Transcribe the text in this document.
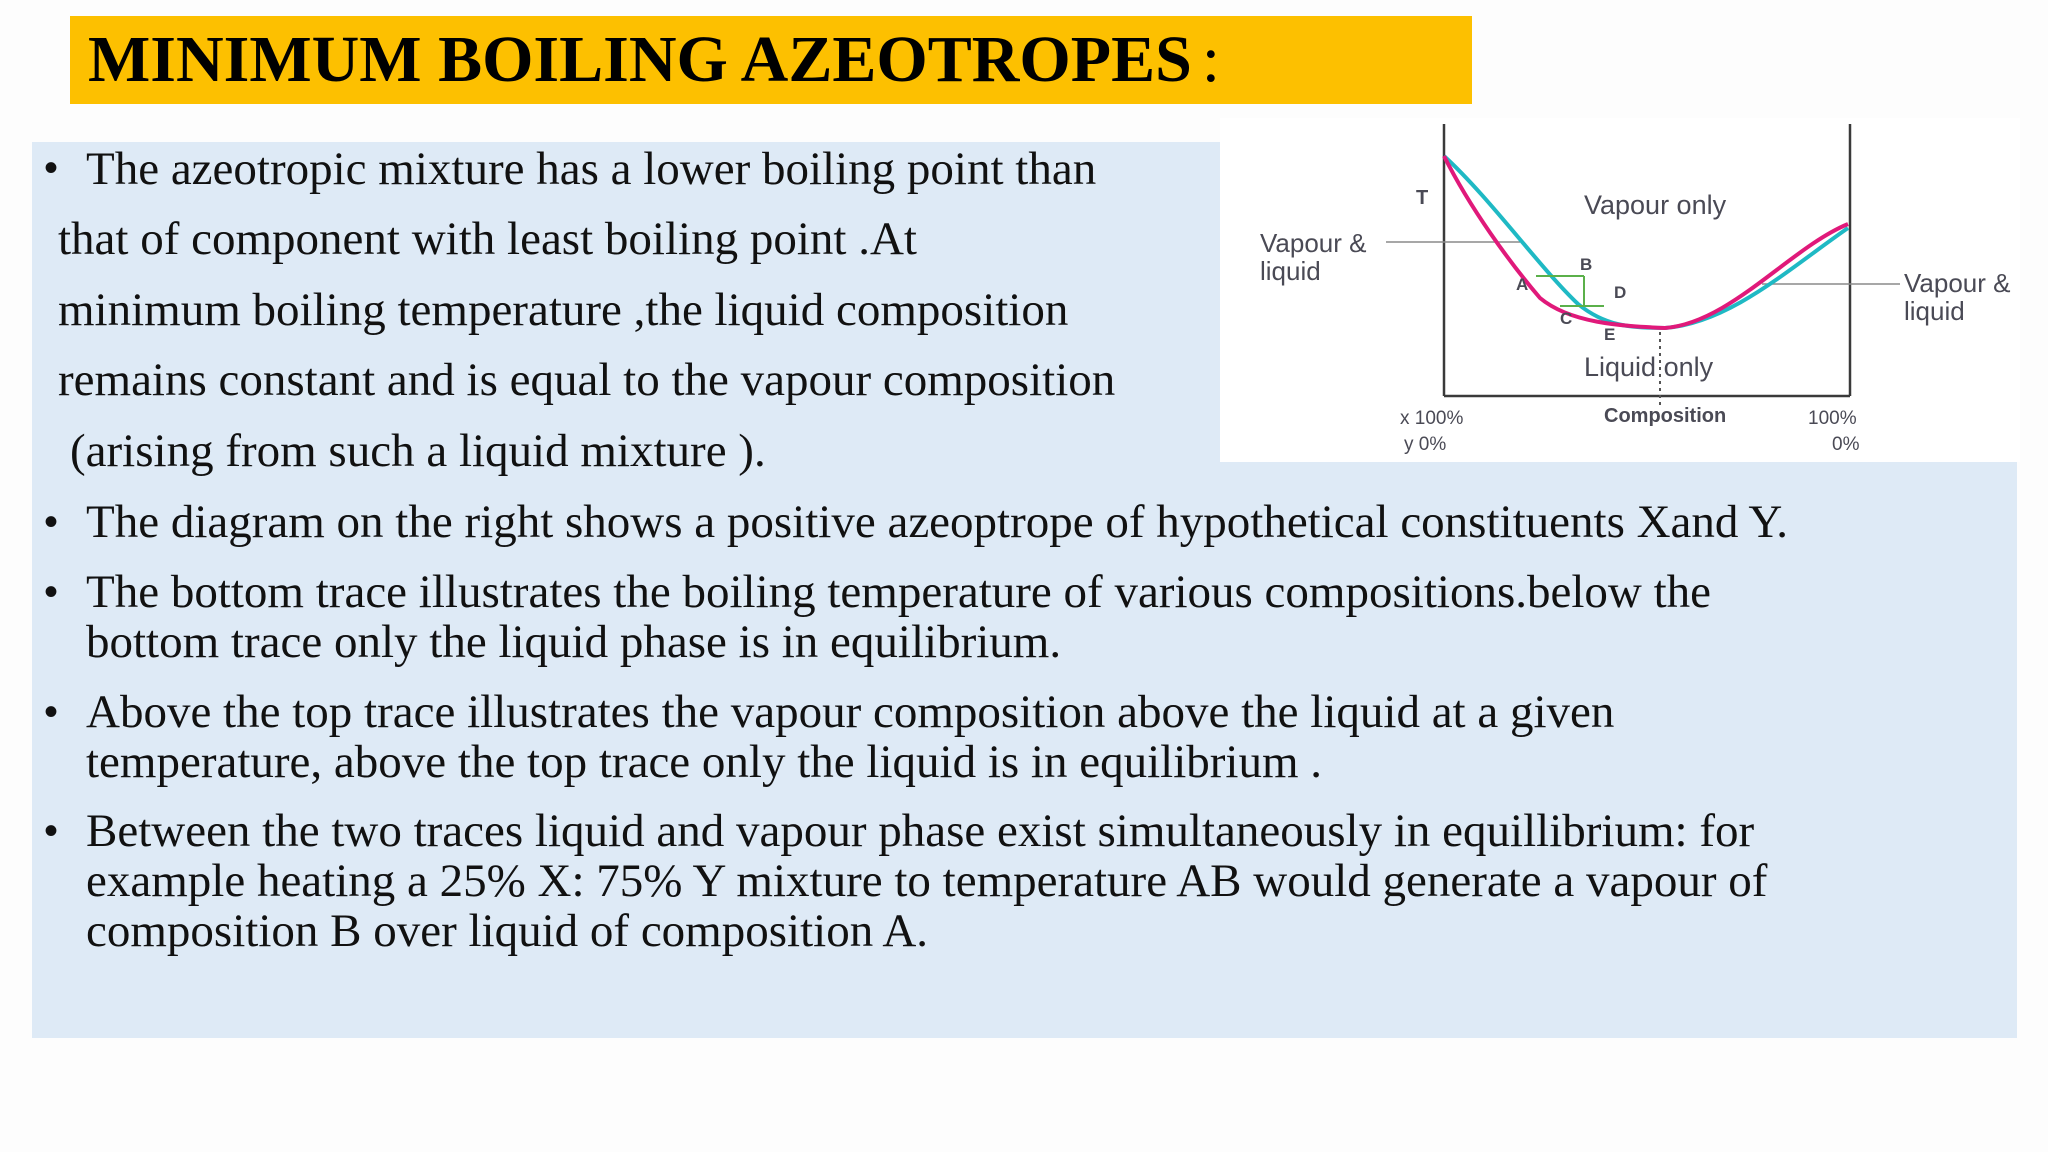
MINIMUM BOILING AZEOTROPES :
• The azeotropic mixture has a lower boiling point than
that of component with least boiling point .At
minimum boiling temperature ,the liquid composition
remains constant and is equal to the vapour composition
(arising from such a liquid mixture ).
• The diagram on the right shows a positive azeoptrope of hypothetical constituents Xand Y.
• The bottom trace illustrates the boiling temperature of various compositions.below the
bottom trace only the liquid phase is in equilibrium.
• Above the top trace illustrates the vapour composition above the liquid at a given
temperature, above the top trace only the liquid is in equilibrium .
• Between the two traces liquid and vapour phase exist simultaneously in equillibrium: for
example heating a 25% X: 75% Y mixture to temperature AB would generate a vapour of
composition B over liquid of composition A.
T	Vapour only
Liquid only
Vapour &
liquid	Vapour &
liquid
Composition
x 100%
y 0%
100%
0%
A
B
C
D
E
